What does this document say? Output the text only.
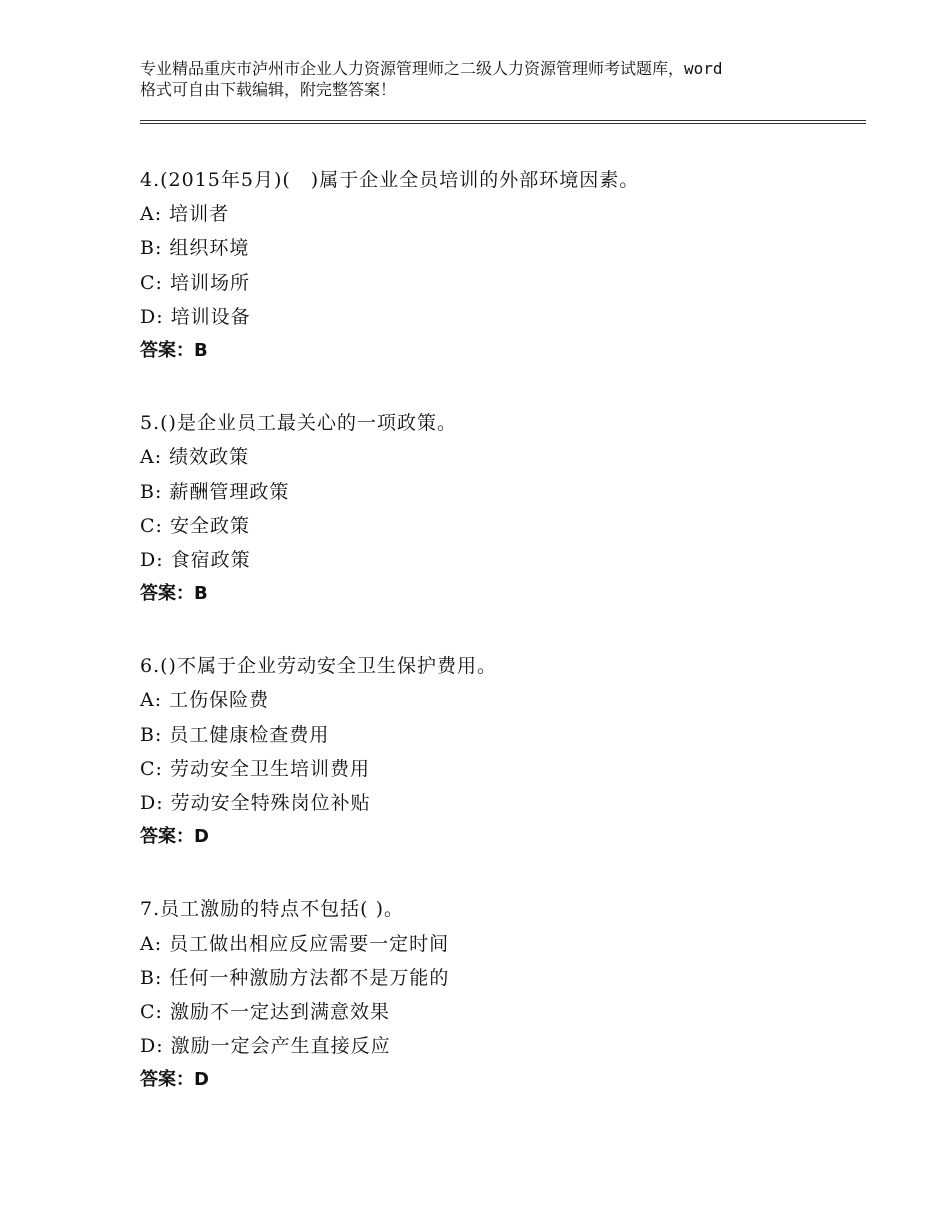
专业精品重庆市泸州市企业人力资源管理师之二级人力资源管理师考试题库，word
格式可自由下载编辑，附完整答案！
4.(2015年5月)(　)属于企业全员培训的外部环境因素。
A: 培训者
B: 组织环境
C: 培训场所
D: 培训设备
答案：B
5.()是企业员工最关心的一项政策。
A: 绩效政策
B: 薪酬管理政策
C: 安全政策
D: 食宿政策
答案：B
6.()不属于企业劳动安全卫生保护费用。
A: 工伤保险费
B: 员工健康检查费用
C: 劳动安全卫生培训费用
D: 劳动安全特殊岗位补贴
答案：D
7.员工激励的特点不包括( )。
A: 员工做出相应反应需要一定时间
B: 任何一种激励方法都不是万能的
C: 激励不一定达到满意效果
D: 激励一定会产生直接反应
答案：D
